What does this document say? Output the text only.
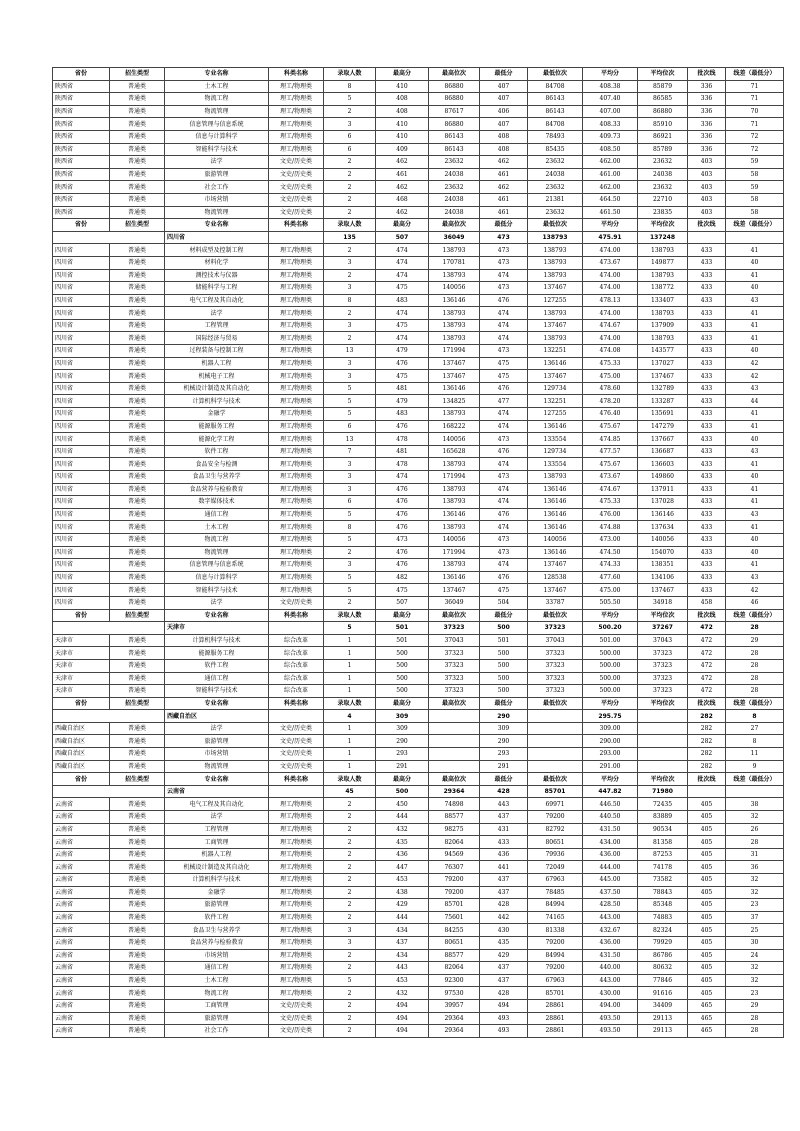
省份	招生类型	专业名称	科类名称	录取人数	最高分	最高位次	最低分	最低位次	平均分	平均位次	批次线	线差（最低分）
陕西省	普通类	土木工程	理工/物理类	8	410	86880	407	84708	408.38	85879	336	71
陕西省	普通类	物流工程	理工/物理类	5	408	86880	407	86143	407.40	86585	336	71
陕西省	普通类	物流管理	理工/物理类	2	408	87617	406	86143	407.00	86880	336	70
陕西省	普通类	信息管理与信息系统	理工/物理类	3	410	86880	407	84708	408.33	85910	336	71
陕西省	普通类	信息与计算科学	理工/物理类	6	410	86143	408	78493	409.73	86921	336	72
陕西省	普通类	智能科学与技术	理工/物理类	6	409	86143	408	85435	408.50	85789	336	72
陕西省	普通类	法学	文史/历史类	2	462	23632	462	23632	462.00	23632	403	59
陕西省	普通类	旅游管理	文史/历史类	2	461	24038	461	24038	461.00	24038	403	58
陕西省	普通类	社会工作	文史/历史类	2	462	23632	462	23632	462.00	23632	403	59
陕西省	普通类	市场营销	文史/历史类	2	468	24038	461	21381	464.50	22710	403	58
陕西省	普通类	物流管理	文史/历史类	2	462	24038	461	23632	461.50	23835	403	58
省份	招生类型	专业名称	科类名称	录取人数	最高分	最高位次	最低分	最低位次	平均分	平均位次	批次线	线差（最低分）
		四川省		135	507	36049	473	138793	475.91	137248		
四川省	普通类	材料成型及控制工程	理工/物理类	2	474	138793	473	138793	474.00	138793	433	41
四川省	普通类	材料化学	理工/物理类	3	474	170781	473	138793	473.67	149877	433	40
四川省	普通类	测控技术与仪器	理工/物理类	2	474	138793	474	138793	474.00	138793	433	41
四川省	普通类	储能科学与工程	理工/物理类	3	475	140056	473	137467	474.00	138772	433	40
四川省	普通类	电气工程及其自动化	理工/物理类	8	483	136146	476	127255	478.13	133407	433	43
四川省	普通类	法学	理工/物理类	2	474	138793	474	138793	474.00	138793	433	41
四川省	普通类	工程管理	理工/物理类	3	475	138793	474	137467	474.67	137909	433	41
四川省	普通类	国际经济与贸易	理工/物理类	2	474	138793	474	138793	474.00	138793	433	41
四川省	普通类	过程装备与控制工程	理工/物理类	13	479	171994	473	132251	474.08	143577	433	40
四川省	普通类	机器人工程	理工/物理类	3	476	137467	475	136146	475.33	137027	433	42
四川省	普通类	机械电子工程	理工/物理类	3	475	137467	475	137467	475.00	137467	433	42
四川省	普通类	机械设计制造及其自动化	理工/物理类	5	481	136146	476	129734	478.60	132789	433	43
四川省	普通类	计算机科学与技术	理工/物理类	5	479	134825	477	132251	478.20	133287	433	44
四川省	普通类	金融学	理工/物理类	5	483	138793	474	127255	476.40	135691	433	41
四川省	普通类	能源服务工程	理工/物理类	6	476	168222	474	136146	475.67	147279	433	41
四川省	普通类	能源化学工程	理工/物理类	13	478	140056	473	133554	474.85	137667	433	40
四川省	普通类	软件工程	理工/物理类	7	481	165628	476	129734	477.57	136687	433	43
四川省	普通类	食品安全与检测	理工/物理类	3	478	138793	474	133554	475.67	136603	433	41
四川省	普通类	食品卫生与营养学	理工/物理类	3	474	171994	473	138793	473.67	149860	433	40
四川省	普通类	食品营养与检验教育	理工/物理类	3	476	138793	474	136146	474.67	137911	433	41
四川省	普通类	数字媒体技术	理工/物理类	6	476	138793	474	136146	475.33	137028	433	41
四川省	普通类	通信工程	理工/物理类	5	476	136146	476	136146	476.00	136146	433	43
四川省	普通类	土木工程	理工/物理类	8	476	138793	474	136146	474.88	137634	433	41
四川省	普通类	物流工程	理工/物理类	5	473	140056	473	140056	473.00	140056	433	40
四川省	普通类	物流管理	理工/物理类	2	476	171994	473	136146	474.50	154070	433	40
四川省	普通类	信息管理与信息系统	理工/物理类	3	476	138793	474	137467	474.33	138351	433	41
四川省	普通类	信息与计算科学	理工/物理类	5	482	136146	476	128538	477.60	134106	433	43
四川省	普通类	智能科学与技术	理工/物理类	5	475	137467	475	137467	475.00	137467	433	42
四川省	普通类	法学	文史/历史类	2	507	36049	504	33787	505.50	34918	458	46
省份	招生类型	专业名称	科类名称	录取人数	最高分	最高位次	最低分	最低位次	平均分	平均位次	批次线	线差（最低分）
		天津市		5	501	37323	500	37323	500.20	37267	472	28
天津市	普通类	计算机科学与技术	综合改革	1	501	37043	501	37043	501.00	37043	472	29
天津市	普通类	能源服务工程	综合改革	1	500	37323	500	37323	500.00	37323	472	28
天津市	普通类	软件工程	综合改革	1	500	37323	500	37323	500.00	37323	472	28
天津市	普通类	通信工程	综合改革	1	500	37323	500	37323	500.00	37323	472	28
天津市	普通类	智能科学与技术	综合改革	1	500	37323	500	37323	500.00	37323	472	28
省份	招生类型	专业名称	科类名称	录取人数	最高分	最高位次	最低分	最低位次	平均分	平均位次	批次线	线差（最低分）
		西藏自治区		4	309		290		295.75		282	8
西藏自治区	普通类	法学	文史/历史类	1	309		309		309.00		282	27
西藏自治区	普通类	旅游管理	文史/历史类	1	290		290		290.00		282	8
西藏自治区	普通类	市场营销	文史/历史类	1	293		293		293.00		282	11
西藏自治区	普通类	物流管理	文史/历史类	1	291		291		291.00		282	9
省份	招生类型	专业名称	科类名称	录取人数	最高分	最高位次	最低分	最低位次	平均分	平均位次	批次线	线差（最低分）
		云南省		45	500	29364	428	85701	447.82	71980		
云南省	普通类	电气工程及其自动化	理工/物理类	2	450	74898	443	69971	446.50	72435	405	38
云南省	普通类	法学	理工/物理类	2	444	88577	437	79200	440.50	83889	405	32
云南省	普通类	工程管理	理工/物理类	2	432	98275	431	82792	431.50	90534	405	26
云南省	普通类	工商管理	理工/物理类	2	435	82064	433	80651	434.00	81358	405	28
云南省	普通类	机器人工程	理工/物理类	2	436	94569	436	79936	436.00	87253	405	31
云南省	普通类	机械设计制造及其自动化	理工/物理类	2	447	76307	441	72049	444.00	74178	405	36
云南省	普通类	计算机科学与技术	理工/物理类	2	453	79200	437	67963	445.00	73582	405	32
云南省	普通类	金融学	理工/物理类	2	438	79200	437	78485	437.50	78843	405	32
云南省	普通类	旅游管理	理工/物理类	2	429	85701	428	84994	428.50	85348	405	23
云南省	普通类	软件工程	理工/物理类	2	444	75601	442	74165	443.00	74883	405	37
云南省	普通类	食品卫生与营养学	理工/物理类	3	434	84255	430	81338	432.67	82324	405	25
云南省	普通类	食品营养与检验教育	理工/物理类	3	437	80651	435	79200	436.00	79929	405	30
云南省	普通类	市场营销	理工/物理类	2	434	88577	429	84994	431.50	86786	405	24
云南省	普通类	通信工程	理工/物理类	2	443	82064	437	79200	440.00	80632	405	32
云南省	普通类	土木工程	理工/物理类	5	453	92300	437	67963	443.00	77846	405	32
云南省	普通类	物流工程	理工/物理类	2	432	97530	428	85701	430.00	91616	405	23
云南省	普通类	工商管理	文史/历史类	2	494	39957	494	28861	494.00	34409	465	29
云南省	普通类	旅游管理	文史/历史类	2	494	29364	493	28861	493.50	29113	465	28
云南省	普通类	社会工作	文史/历史类	2	494	29364	493	28861	493.50	29113	465	28
